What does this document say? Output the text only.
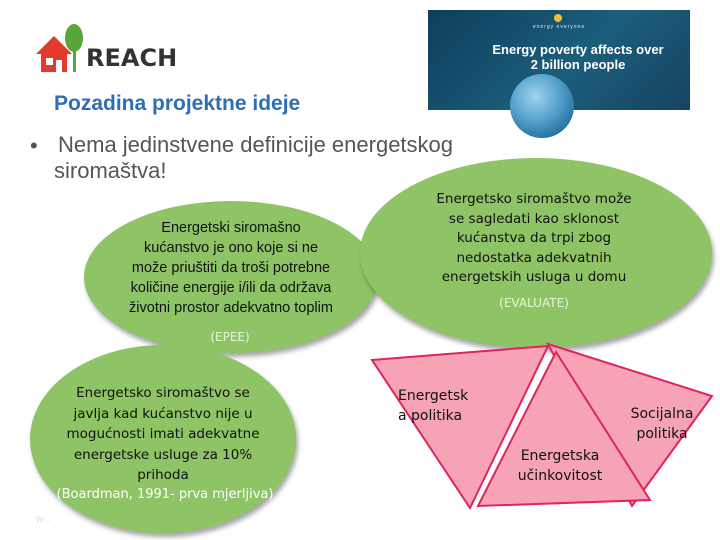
REACH
energy everyone
Energy poverty affects over
2 billion people
Pozadina projektne ideje
• Nema jedinstvene definicije energetskog
siromaštva!
Energetski siromašno
kućanstvo je ono koje si ne
može priuštiti da troši potrebne
količine energije i/ili da održava
životni prostor adekvatno toplim
(EPEE)
Energetsko siromaštvo može
se sagledati kao sklonost
kućanstva da trpi zbog
nedostatka adekvatnih
energetskih usluga u domu
(EVALUATE)
Energetsk
a politika	Socijalna
politika
Energetska
učinkovitost
Energetsko siromaštvo se
javlja kad kućanstvo nije u
mogućnosti imati adekvatne
energetske usluge za 10%
prihoda
(Boardman, 1991- prva mjerljiva)
w...
